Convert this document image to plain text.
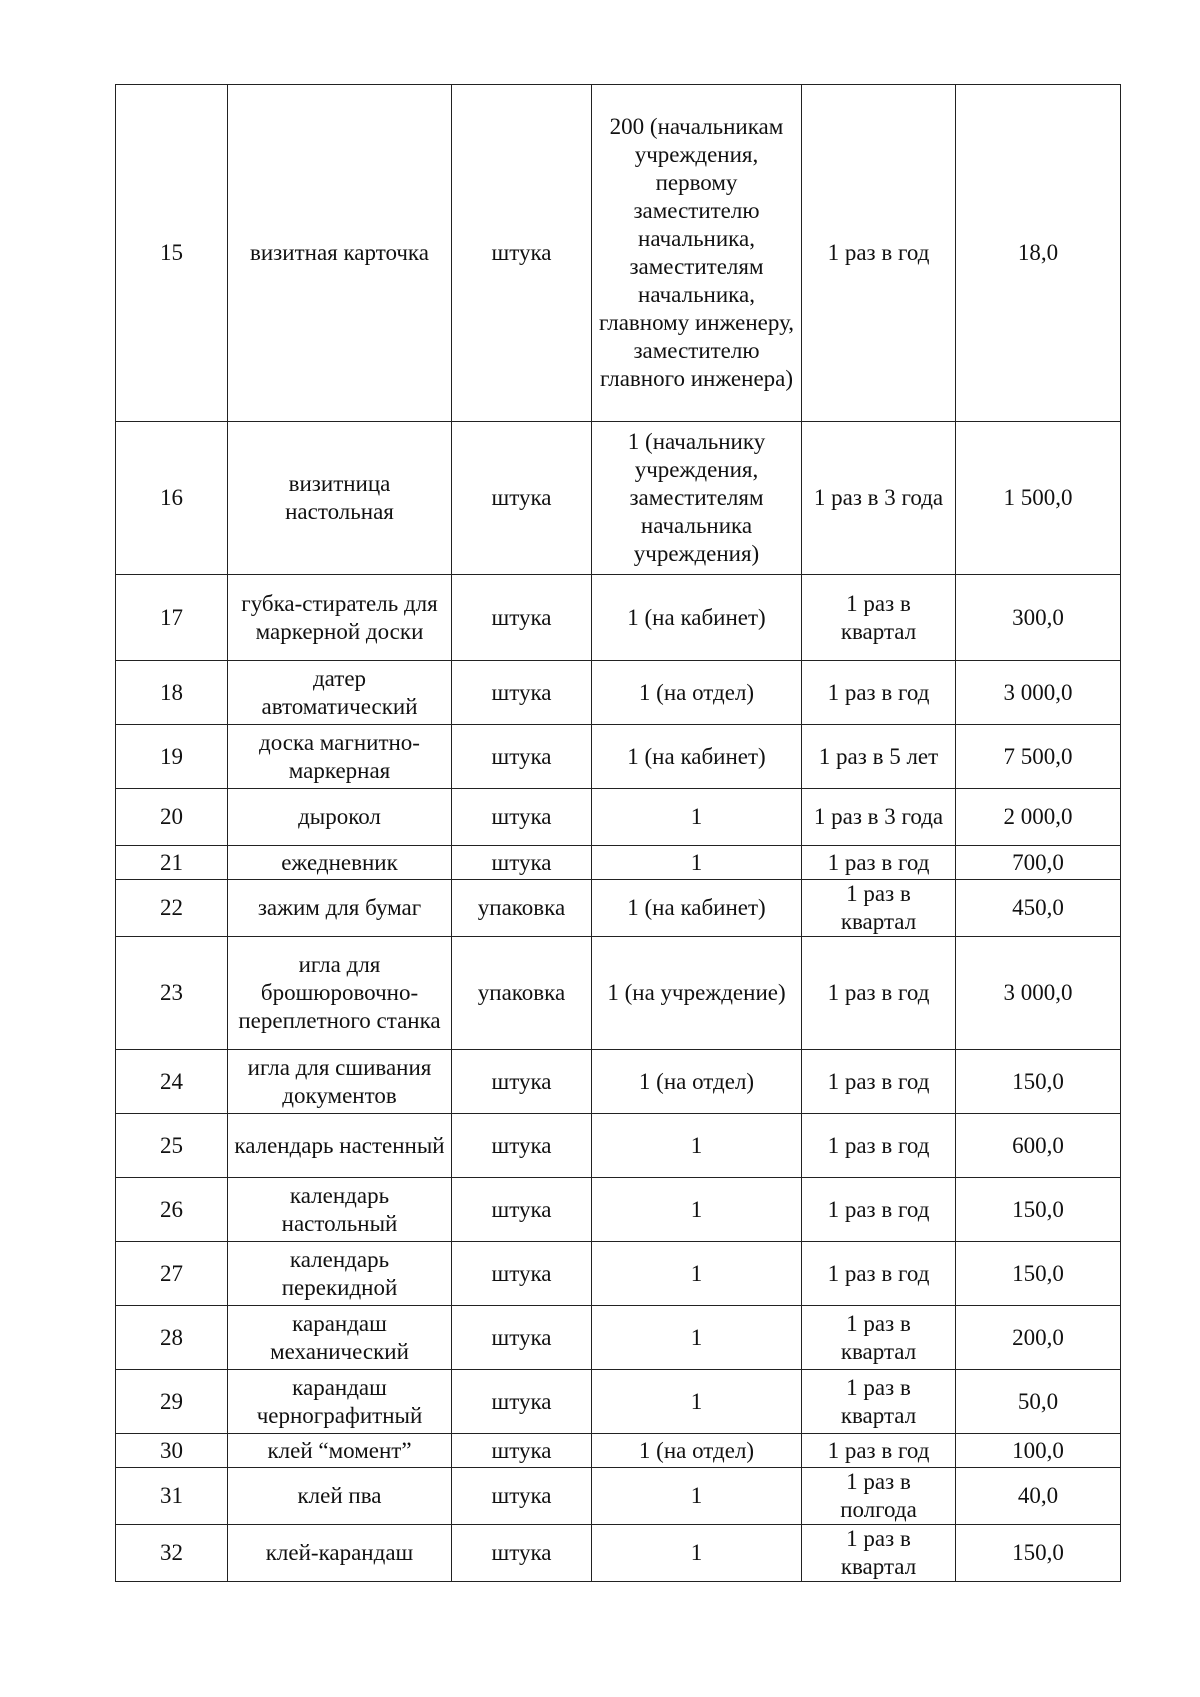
15	визитная карточка	штука	200 (начальникам учреждения, первому заместителю начальника, заместителям начальника, главному инженеру, заместителю главного инженера)	1 раз в год	18,0
16	визитница настольная	штука	1 (начальнику учреждения, заместителям начальника учреждения)	1 раз в 3 года	1 500,0
17	губка-стиратель для маркерной доски	штука	1 (на кабинет)	1 раз в квартал	300,0
18	датер автоматический	штука	1 (на отдел)	1 раз в год	3 000,0
19	доска магнитно-маркерная	штука	1 (на кабинет)	1 раз в 5 лет	7 500,0
20	дырокол	штука	1	1 раз в 3 года	2 000,0
21	ежедневник	штука	1	1 раз в год	700,0
22	зажим для бумаг	упаковка	1 (на кабинет)	1 раз в квартал	450,0
23	игла для брошюровочно-переплетного станка	упаковка	1 (на учреждение)	1 раз в год	3 000,0
24	игла для сшивания документов	штука	1 (на отдел)	1 раз в год	150,0
25	календарь настенный	штука	1	1 раз в год	600,0
26	календарь настольный	штука	1	1 раз в год	150,0
27	календарь перекидной	штука	1	1 раз в год	150,0
28	карандаш механический	штука	1	1 раз в квартал	200,0
29	карандаш чернографитный	штука	1	1 раз в квартал	50,0
30	клей “момент”	штука	1 (на отдел)	1 раз в год	100,0
31	клей пва	штука	1	1 раз в полгода	40,0
32	клей-карандаш	штука	1	1 раз в квартал	150,0
